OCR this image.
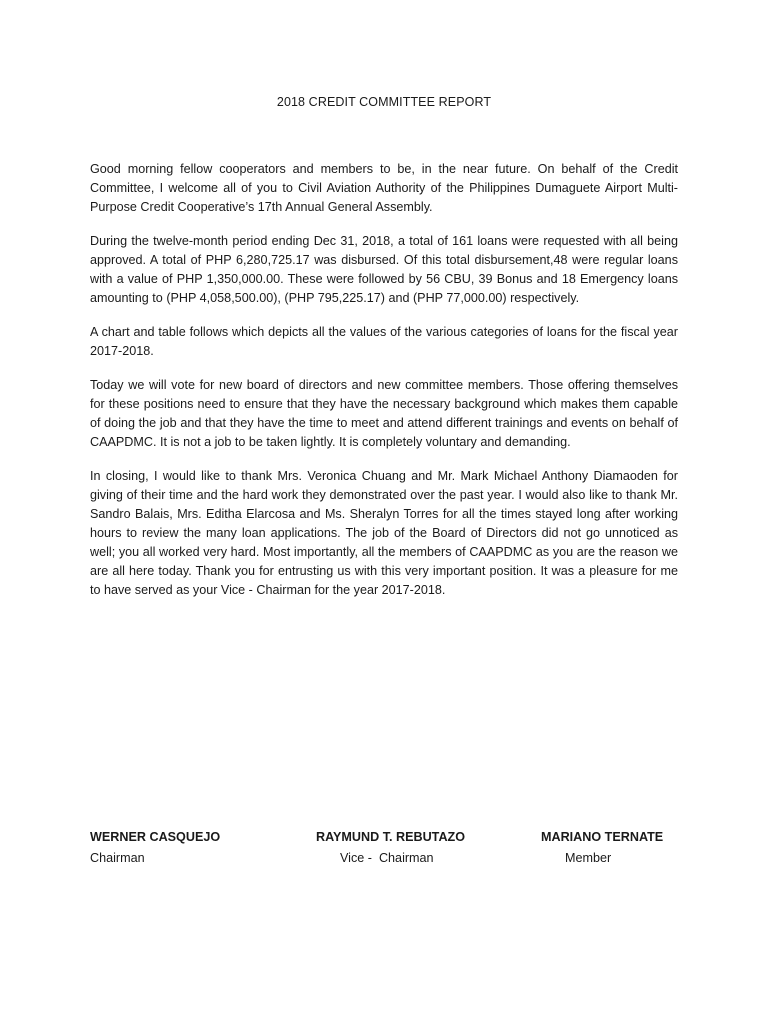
2018 CREDIT COMMITTEE REPORT

Good morning fellow cooperators and members to be, in the near future. On behalf of the Credit Committee, I welcome all of you to Civil Aviation Authority of the Philippines Dumaguete Airport Multi-Purpose Credit Cooperative’s 17th Annual General Assembly.

During the twelve-month period ending Dec 31, 2018, a total of 161 loans were requested with all being approved. A total of PHP 6,280,725.17 was disbursed. Of this total disbursement,48 were regular loans with a value of PHP 1,350,000.00. These were followed by 56 CBU, 39 Bonus and 18 Emergency loans amounting to (PHP 4,058,500.00), (PHP 795,225.17) and (PHP 77,000.00) respectively.

A chart and table follows which depicts all the values of the various categories of loans for the fiscal year 2017-2018.

Today we will vote for new board of directors and new committee members. Those offering themselves for these positions need to ensure that they have the necessary background which makes them capable of doing the job and that they have the time to meet and attend different trainings and events on behalf of CAAPDMC. It is not a job to be taken lightly. It is completely voluntary and demanding.

In closing, I would like to thank Mrs. Veronica Chuang and Mr. Mark Michael Anthony Diamaoden for giving of their time and the hard work they demonstrated over the past year. I would also like to thank Mr. Sandro Balais, Mrs. Editha Elarcosa and Ms. Sheralyn Torres for all the times stayed long after working hours to review the many loan applications. The job of the Board of Directors did not go unnoticed as well; you all worked very hard. Most importantly, all the members of CAAPDMC as you are the reason we are all here today. Thank you for entrusting us with this very important position. It was a pleasure for me to have served as your Vice - Chairman for the year 2017-2018.

WERNER CASQUEJO
Chairman
RAYMUND T. REBUTAZO
Vice -  Chairman
MARIANO TERNATE
Member
